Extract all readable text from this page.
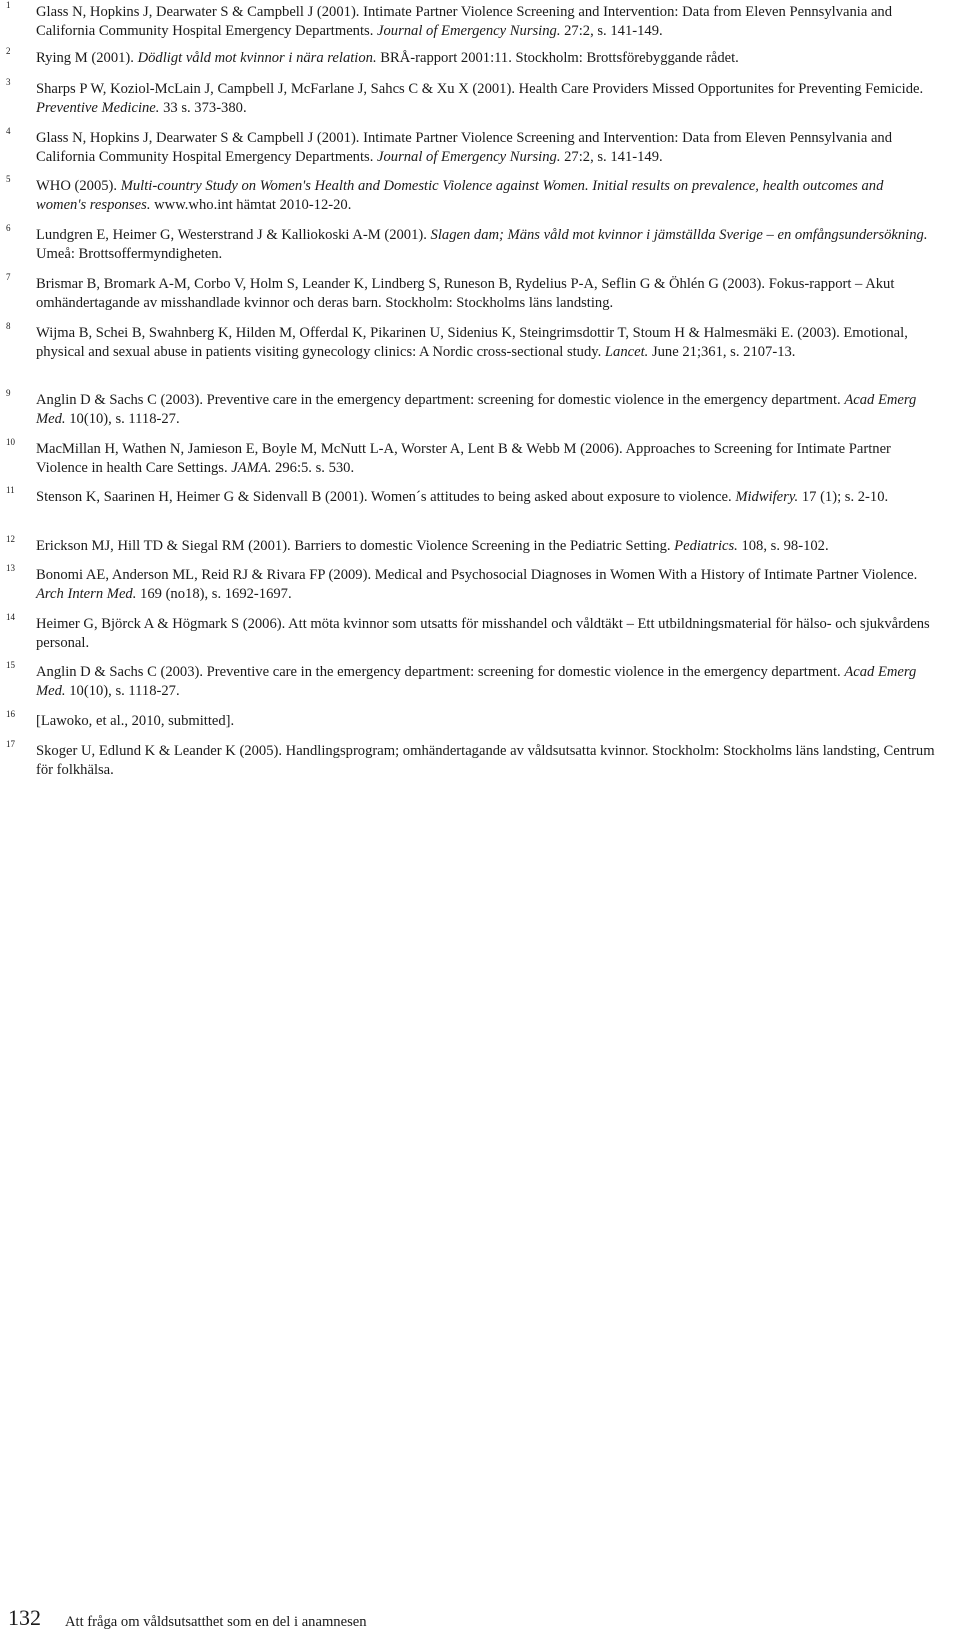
1 Glass N, Hopkins J, Dearwater S & Campbell J (2001). Intimate Partner Violence Screening and Intervention: Data from Eleven Pennsylvania and California Community Hospital Emergency Departments. Journal of Emergency Nursing. 27:2, s. 141-149.
2 Rying M (2001). Dödligt våld mot kvinnor i nära relation. BRÅ-rapport 2001:11. Stockholm: Brottsförebyggande rådet.
3 Sharps P W, Koziol-McLain J, Campbell J, McFarlane J, Sahcs C & Xu X (2001). Health Care Providers Missed Opportunites for Preventing Femicide. Preventive Medicine. 33 s. 373-380.
4 Glass N, Hopkins J, Dearwater S & Campbell J (2001). Intimate Partner Violence Screening and Intervention: Data from Eleven Pennsylvania and California Community Hospital Emergency Departments. Journal of Emergency Nursing. 27:2, s. 141-149.
5 WHO (2005). Multi-country Study on Women's Health and Domestic Violence against Women. Initial results on prevalence, health outcomes and women's responses. www.who.int hämtat 2010-12-20.
6 Lundgren E, Heimer G, Westerstrand J & Kalliokoski A-M (2001). Slagen dam; Mäns våld mot kvinnor i jämställda Sverige – en omfångsundersökning. Umeå: Brottsoffermyndigheten.
7 Brismar B, Bromark A-M, Corbo V, Holm S, Leander K, Lindberg S, Runeson B, Rydelius P-A, Seflin G & Öhlén G (2003). Fokus-rapport – Akut omhändertagande av misshandlade kvinnor och deras barn. Stockholm: Stockholms läns landsting.
8 Wijma B, Schei B, Swahnberg K, Hilden M, Offerdal K, Pikarinen U, Sidenius K, Steingrimsdottir T, Stoum H & Halmesmäki E. (2003). Emotional, physical and sexual abuse in patients visiting gynecology clinics: A Nordic cross-sectional study. Lancet. June 21;361, s. 2107-13.
9 Anglin D & Sachs C (2003). Preventive care in the emergency department: screening for domestic violence in the emergency department. Acad Emerg Med. 10(10), s. 1118-27.
10 MacMillan H, Wathen N, Jamieson E, Boyle M, McNutt L-A, Worster A, Lent B & Webb M (2006). Approaches to Screening for Intimate Partner Violence in health Care Settings. JAMA. 296:5. s. 530.
11 Stenson K, Saarinen H, Heimer G & Sidenvall B (2001). Women´s attitudes to being asked about exposure to violence. Midwifery. 17 (1); s. 2-10.
12 Erickson MJ, Hill TD & Siegal RM (2001). Barriers to domestic Violence Screening in the Pediatric Setting. Pediatrics. 108, s. 98-102.
13 Bonomi AE, Anderson ML, Reid RJ & Rivara FP (2009). Medical and Psychosocial Diagnoses in Women With a History of Intimate Partner Violence. Arch Intern Med. 169 (no18), s. 1692-1697.
14 Heimer G, Björck A & Högmark S (2006). Att möta kvinnor som utsatts för misshandel och våldtäkt – Ett utbildningsmaterial för hälso- och sjukvårdens personal.
15 Anglin D & Sachs C (2003). Preventive care in the emergency department: screening for domestic violence in the emergency department. Acad Emerg Med. 10(10), s. 1118-27.
16 [Lawoko, et al., 2010, submitted].
17 Skoger U, Edlund K & Leander K (2005). Handlingsprogram; omhändertagande av våldsutsatta kvinnor. Stockholm: Stockholms läns landsting, Centrum för folkhälsa.
132 Att fråga om våldsutsatthet som en del i anamnesen
